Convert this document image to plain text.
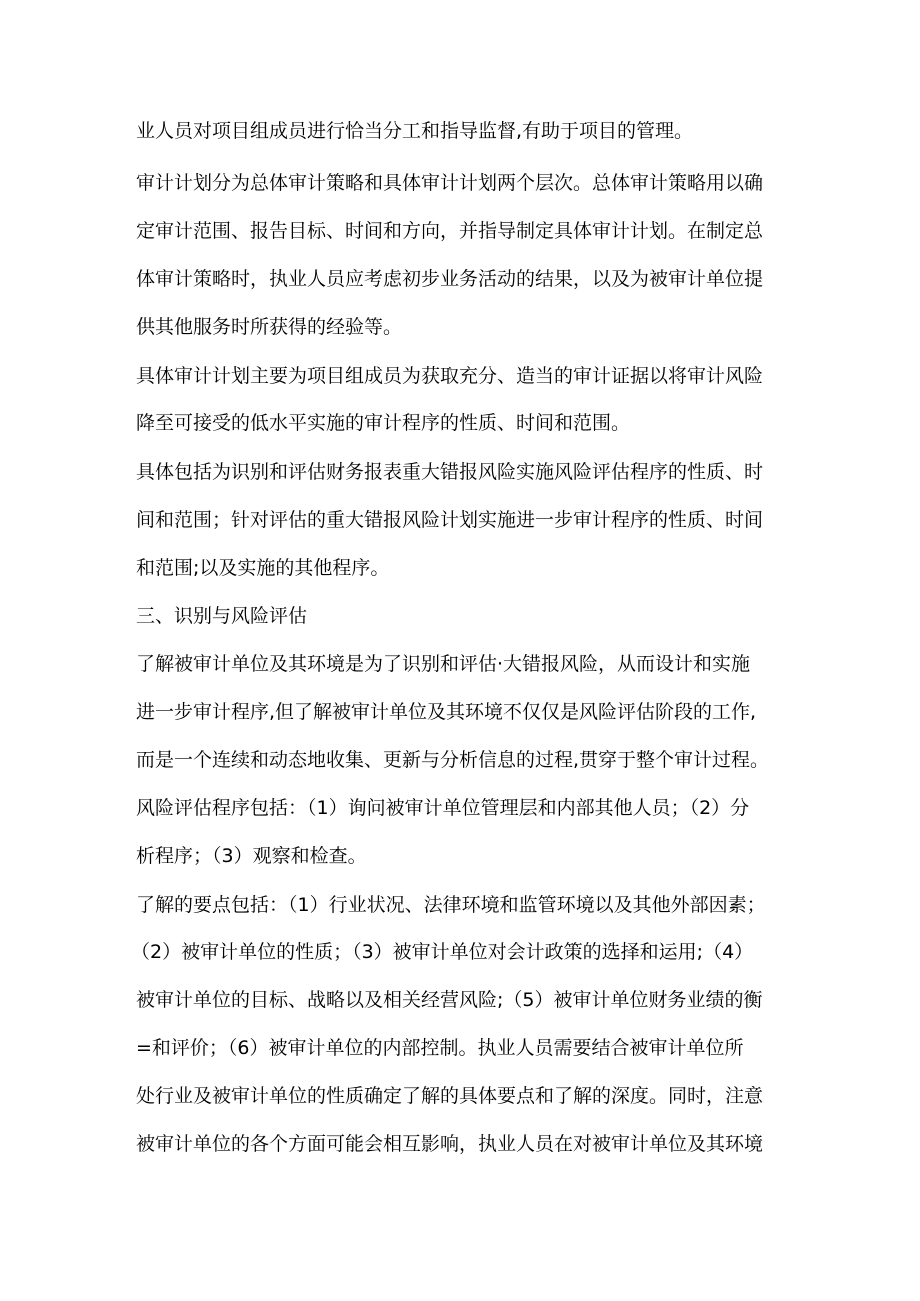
业人员对项目组成员进行恰当分工和指导监督,有助于项目的管理。

审计计划分为总体审计策略和具体审计计划两个层次。总体审计策略用以确

定审计范围、报告目标、时间和方向，并指导制定具体审计计划。在制定总

体审计策略时，执业人员应考虑初步业务活动的结果，以及为被审计单位提

供其他服务时所获得的经验等。

具体审计计划主要为项目组成员为获取充分、造当的审计证据以将审计风险

降至可接受的低水平实施的审计程序的性质、时间和范围。

具体包括为识别和评估财务报表重大错报风险实施风险评估程序的性质、时

间和范围；针对评估的重大错报风险计划实施进一步审计程序的性质、时间

和范围;以及实施的其他程序。

三、识别与风险评估

了解被审计单位及其环境是为了识别和评估·大错报风险，从而设计和实施

进一步审计程序,但了解被审计单位及其环境不仅仅是风险评估阶段的工作,

而是一个连续和动态地收集、更新与分析信息的过程,贯穿于整个审计过程。

风险评估程序包括：（1）询问被审计单位管理层和内部其他人员；（2）分

析程序；（3）观察和检查。

了解的要点包括：（1）行业状况、法律环境和监管环境以及其他外部因素；

（2）被审计单位的性质；（3）被审计单位对会计政策的选择和运用;（4）

被审计单位的目标、战略以及相关经营风险;（5）被审计单位财务业绩的衡

=和评价；（6）被审计单位的内部控制。执业人员需要结合被审计单位所

处行业及被审计单位的性质确定了解的具体要点和了解的深度。同时，注意

被审计单位的各个方面可能会相互影响，执业人员在对被审计单位及其环境
